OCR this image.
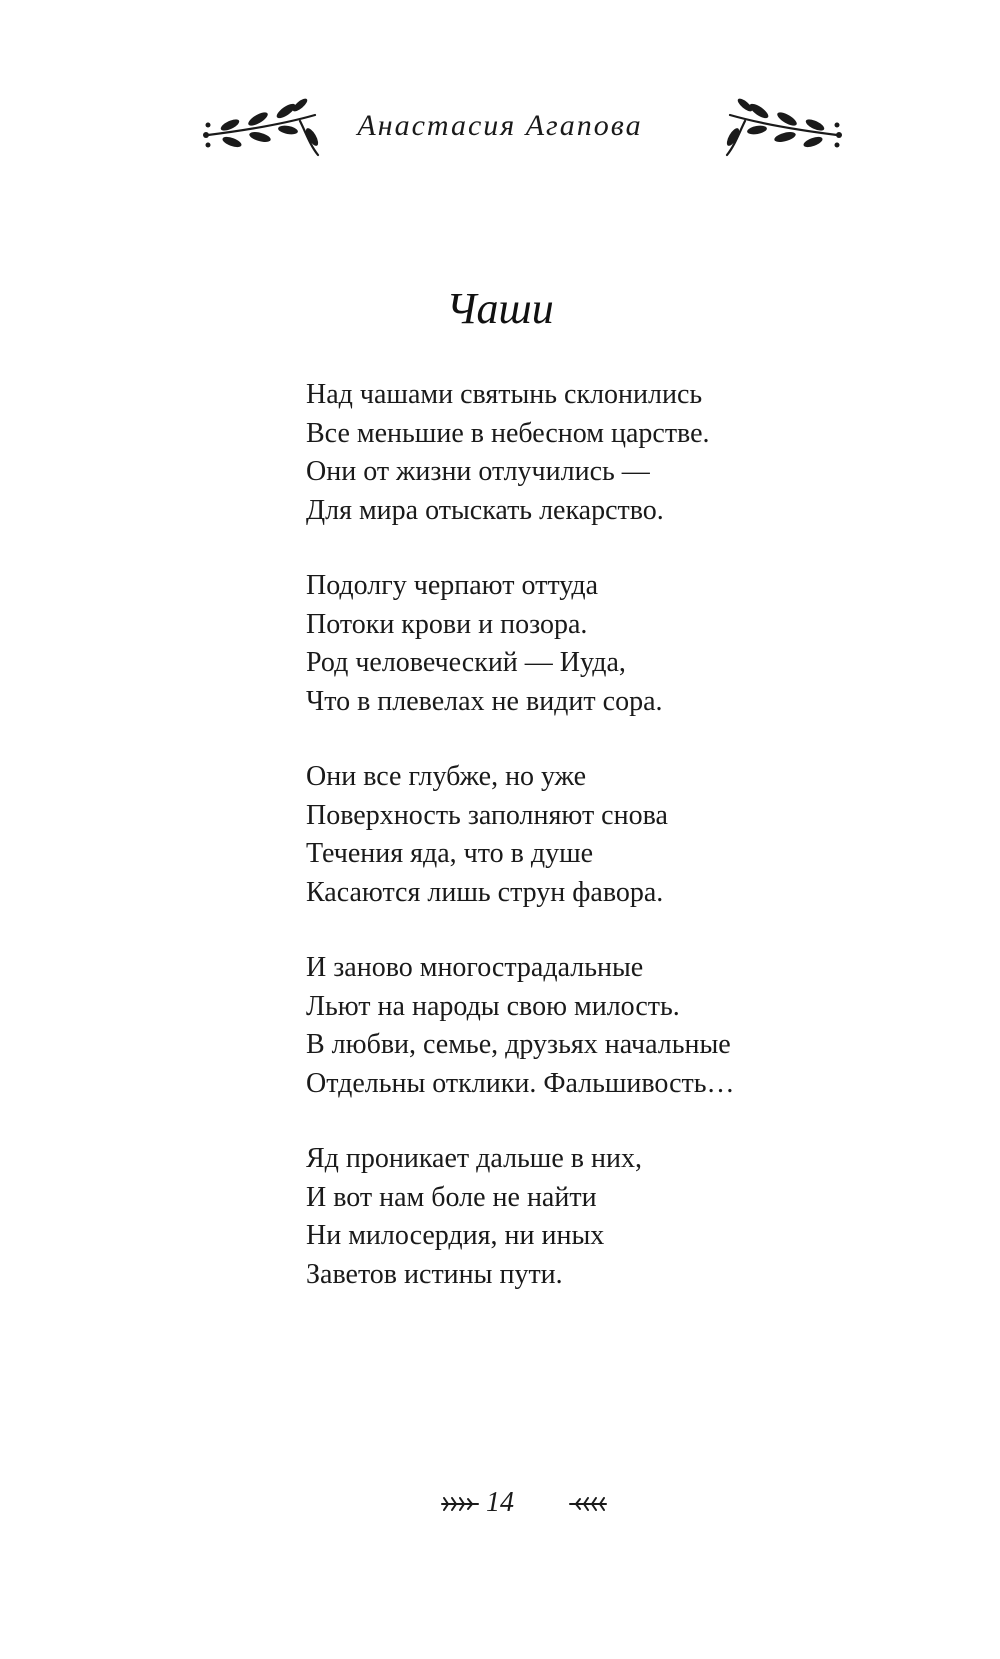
Анастасия Агапова
Чаши
Над чашами святынь склонились
Все меньшие в небесном царстве.
Они от жизни отлучились —
Для мира отыскать лекарство.
Подолгу черпают оттуда
Потоки крови и позора.
Род человеческий — Иуда,
Что в плевелах не видит сора.
Они все глубже, но уже
Поверхность заполняют снова
Течения яда, что в душе
Касаются лишь струн фавора.
И заново многострадальные
Льют на народы свою милость.
В любви, семье, друзьях начальные
Отдельны отклики. Фальшивость…
Яд проникает дальше в них,
И вот нам боле не найти
Ни милосердия, ни иных
Заветов истины пути.
14
